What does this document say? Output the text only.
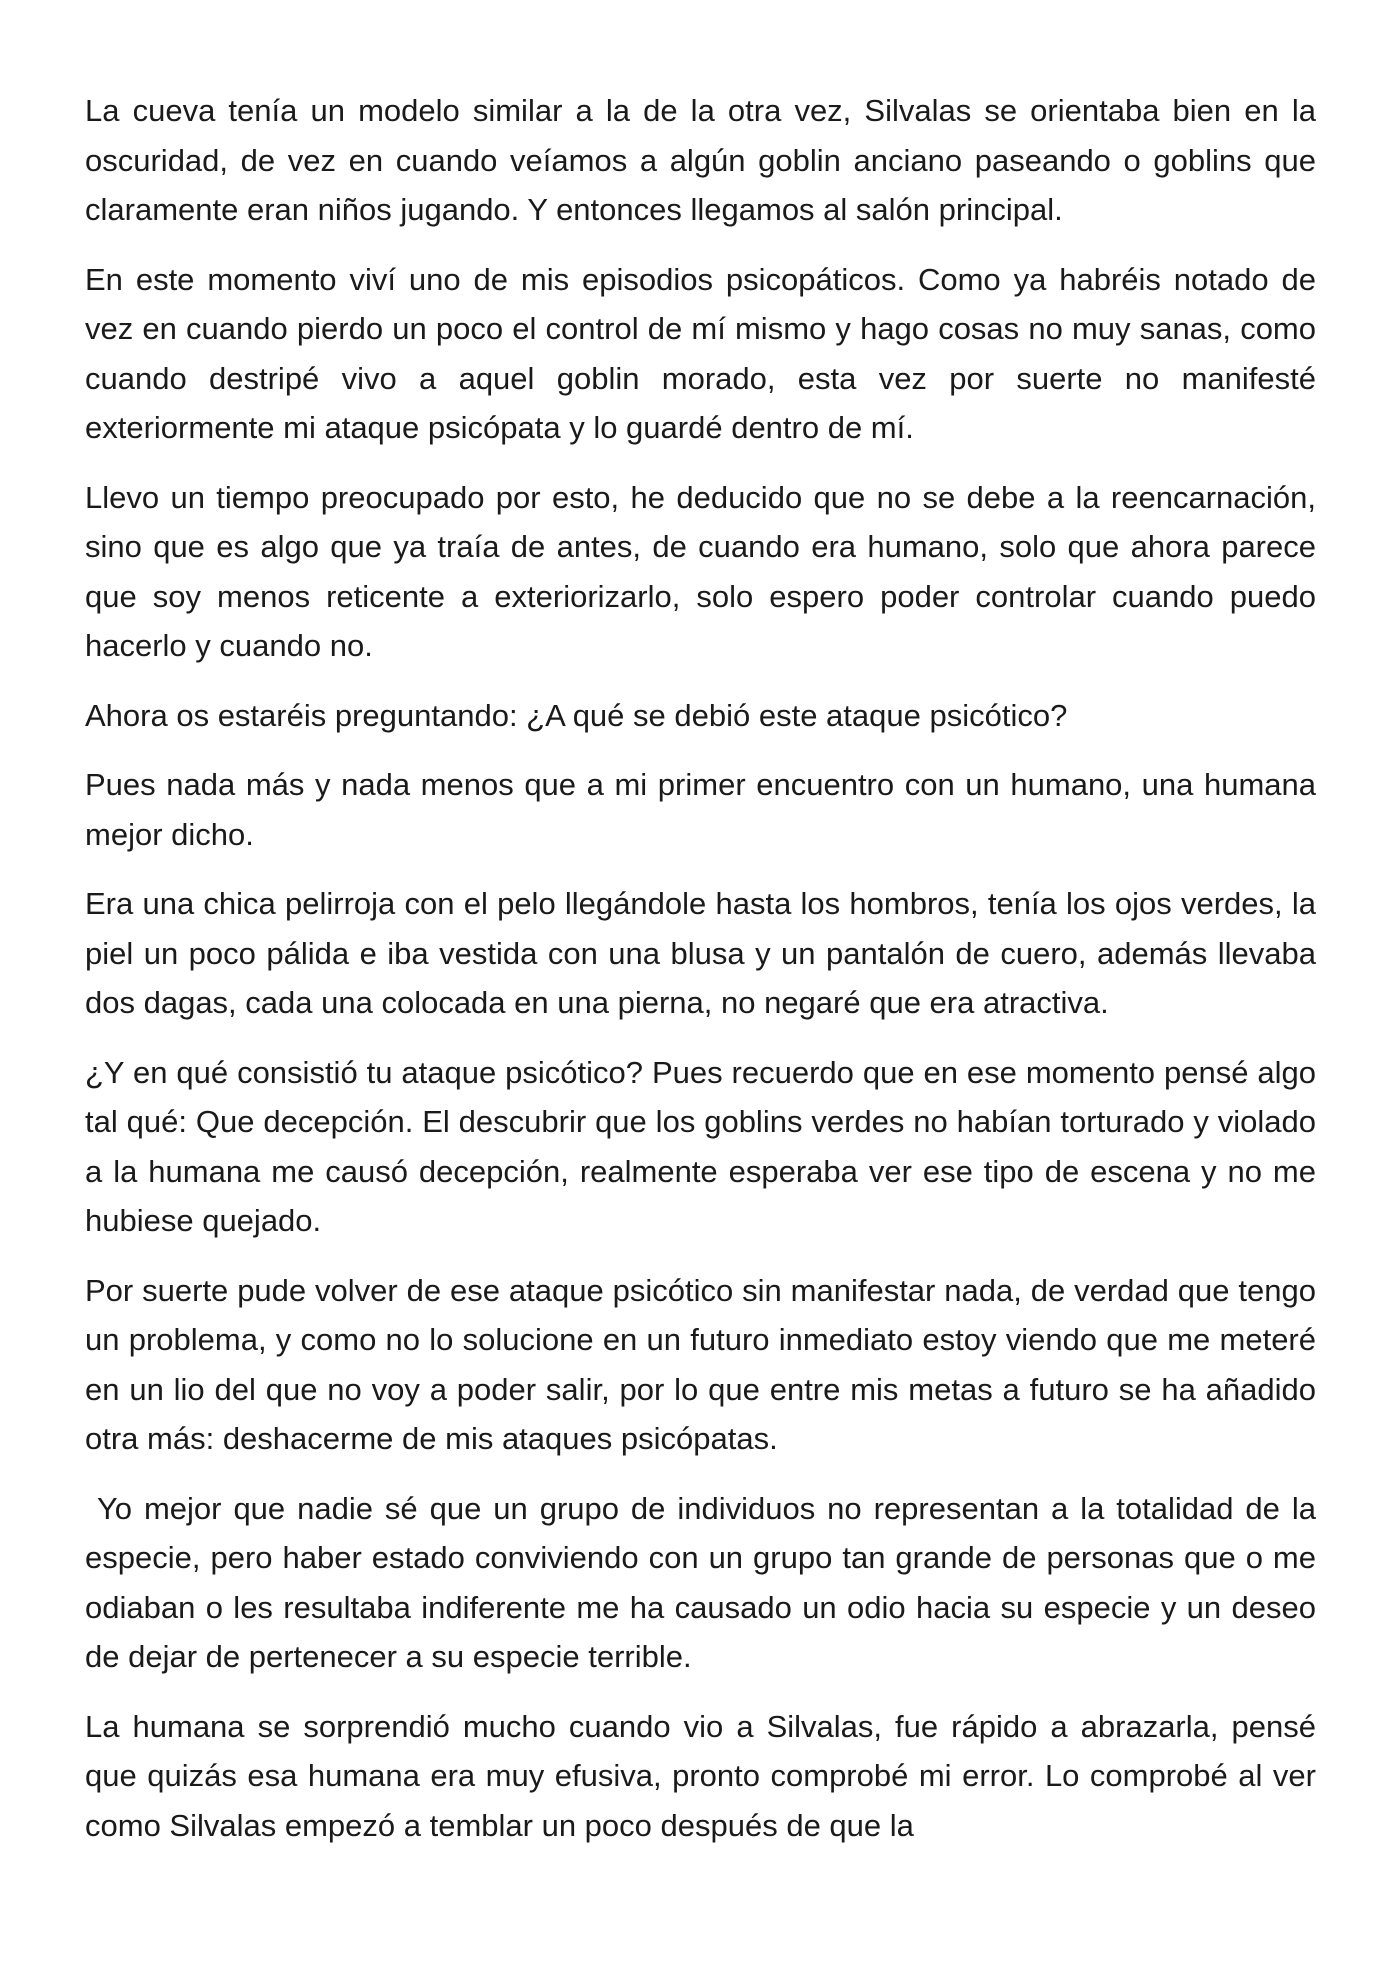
La cueva tenía un modelo similar a la de la otra vez, Silvalas se orientaba bien en la oscuridad, de vez en cuando veíamos a algún goblin anciano paseando o goblins que claramente eran niños jugando. Y entonces llegamos al salón principal.

En este momento viví uno de mis episodios psicopáticos. Como ya habréis notado de vez en cuando pierdo un poco el control de mí mismo y hago cosas no muy sanas, como cuando destripé vivo a aquel goblin morado, esta vez por suerte no manifesté exteriormente mi ataque psicópata y lo guardé dentro de mí.

Llevo un tiempo preocupado por esto, he deducido que no se debe a la reencarnación, sino que es algo que ya traía de antes, de cuando era humano, solo que ahora parece que soy menos reticente a exteriorizarlo, solo espero poder controlar cuando puedo hacerlo y cuando no.

Ahora os estaréis preguntando: ¿A qué se debió este ataque psicótico?

Pues nada más y nada menos que a mi primer encuentro con un humano, una humana mejor dicho.

Era una chica pelirroja con el pelo llegándole hasta los hombros, tenía los ojos verdes, la piel un poco pálida e iba vestida con una blusa y un pantalón de cuero, además llevaba dos dagas, cada una colocada en una pierna, no negaré que era atractiva.

¿Y en qué consistió tu ataque psicótico? Pues recuerdo que en ese momento pensé algo tal qué: Que decepción. El descubrir que los goblins verdes no habían torturado y violado a la humana me causó decepción, realmente esperaba ver ese tipo de escena y no me hubiese quejado.

Por suerte pude volver de ese ataque psicótico sin manifestar nada, de verdad que tengo un problema, y como no lo solucione en un futuro inmediato estoy viendo que me meteré en un lio del que no voy a poder salir, por lo que entre mis metas a futuro se ha añadido otra más: deshacerme de mis ataques psicópatas.

Yo mejor que nadie sé que un grupo de individuos no representan a la totalidad de la especie, pero haber estado conviviendo con un grupo tan grande de personas que o me odiaban o les resultaba indiferente me ha causado un odio hacia su especie y un deseo de dejar de pertenecer a su especie terrible.

La humana se sorprendió mucho cuando vio a Silvalas, fue rápido a abrazarla, pensé que quizás esa humana era muy efusiva, pronto comprobé mi error. Lo comprobé al ver como Silvalas empezó a temblar un poco después de que la
